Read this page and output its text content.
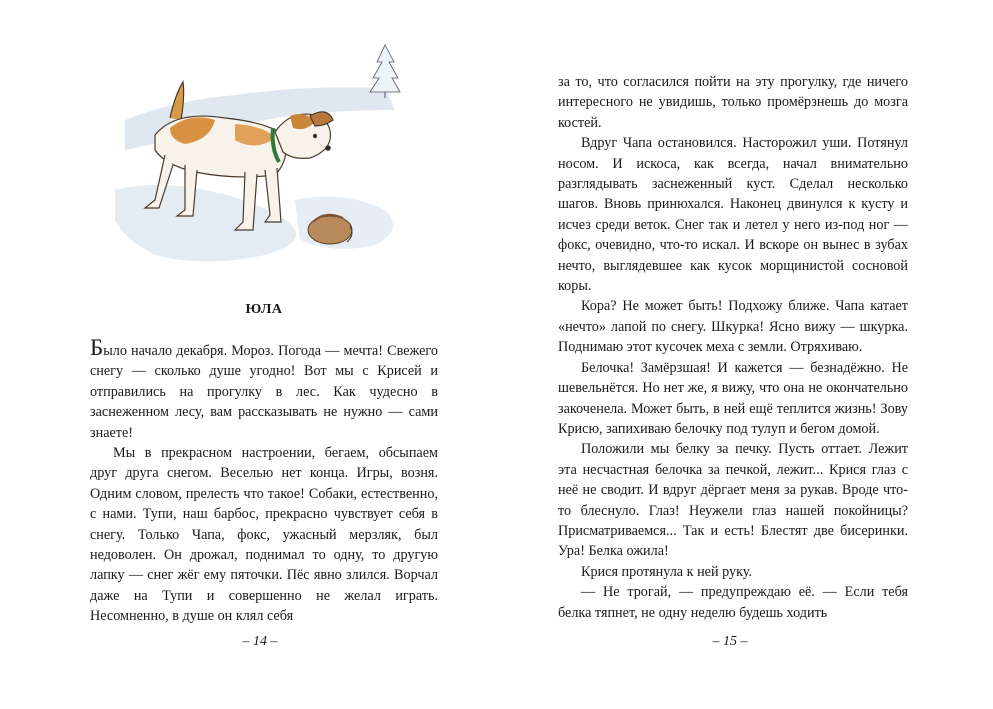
ЮЛА

Было начало декабря. Мороз. Погода — мечта! Свежего снегу — сколько душе угодно! Вот мы с Крисей и отправились на прогулку в лес. Как чудесно в заснеженном лесу, вам рассказывать не нужно — сами знаете!

Мы в прекрасном настроении, бегаем, обсыпаем друг друга снегом. Веселью нет конца. Игры, возня. Одним словом, прелесть что такое! Собаки, естественно, с нами. Тупи, наш барбос, прекрасно чувствует себя в снегу. Только Чапа, фокс, ужасный мерзляк, был недоволен. Он дрожал, поднимал то одну, то другую лапку — снег жёг ему пяточки. Пёс явно злился. Ворчал даже на Тупи и совершенно не желал играть. Несомненно, в душе он клял себя

– 14 –

за то, что согласился пойти на эту прогулку, где ничего интересного не увидишь, только промёрзнешь до мозга костей.

Вдруг Чапа остановился. Насторожил уши. Потянул носом. И искоса, как всегда, начал внимательно разглядывать заснеженный куст. Сделал несколько шагов. Вновь принюхался. Наконец двинулся к кусту и исчез среди веток. Снег так и летел у него из-под ног — фокс, очевидно, что-то искал. И вскоре он вынес в зубах нечто, выглядевшее как кусок морщинистой сосновой коры.

Кора? Не может быть! Подхожу ближе. Чапа катает «нечто» лапой по снегу. Шкурка! Ясно вижу — шкурка. Поднимаю этот кусочек меха с земли. Отряхиваю.

Белочка! Замёрзшая! И кажется — безнадёжно. Не шевельнётся. Но нет же, я вижу, что она не окончательно закоченела. Может быть, в ней ещё теплится жизнь! Зову Крисю, запихиваю белочку под тулуп и бегом домой.

Положили мы белку за печку. Пусть оттает. Лежит эта несчастная белочка за печкой, лежит... Крися глаз с неё не сводит. И вдруг дёргает меня за рукав. Вроде что-то блеснуло. Глаз! Неужели глаз нашей покойницы? Присматриваемся... Так и есть! Блестят две бисеринки. Ура! Белка ожила!

Крися протянула к ней руку.

— Не трогай, — предупреждаю её. — Если тебя белка тяпнет, не одну неделю будешь ходить

– 15 –
